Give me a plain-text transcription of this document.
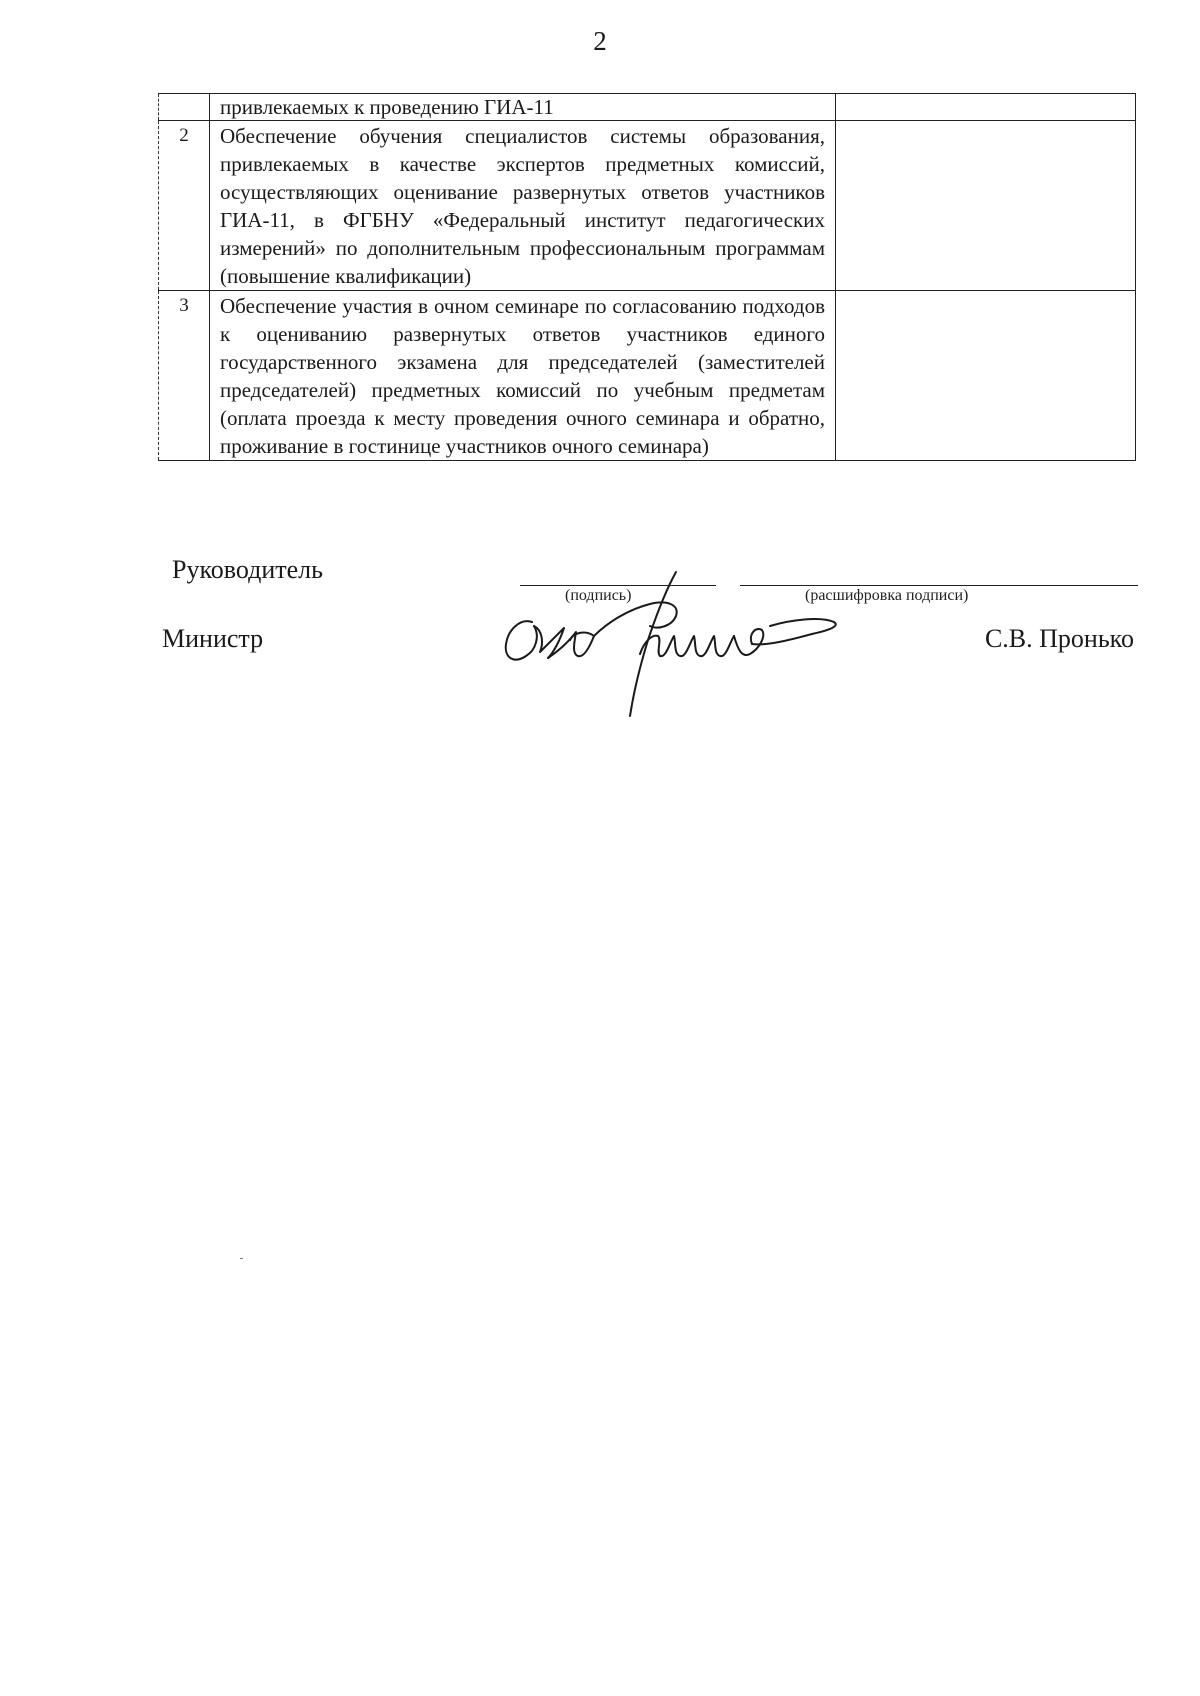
2
	привлекаемых к проведению ГИА-11	
2	Обеспечение обучения специалистов системы образования, привлекаемых в качестве экспертов предметных комиссий, осуществляющих оценивание развернутых ответов участников ГИА-11, в ФГБНУ «Федеральный институт педагогических измерений» по дополнительным профессиональным программам (повышение квалификации)	
3	Обеспечение участия в очном семинаре по согласованию подходов к оцениванию развернутых ответов участников единого государственного экзамена для председателей (заместителей председателей) предметных комиссий по учебным предметам (оплата проезда к месту проведения очного семинара и обратно, проживание в гостинице участников очного семинара)	
Руководитель
(подпись)	(расшифровка подписи)
Министр	С.В. Пронько
